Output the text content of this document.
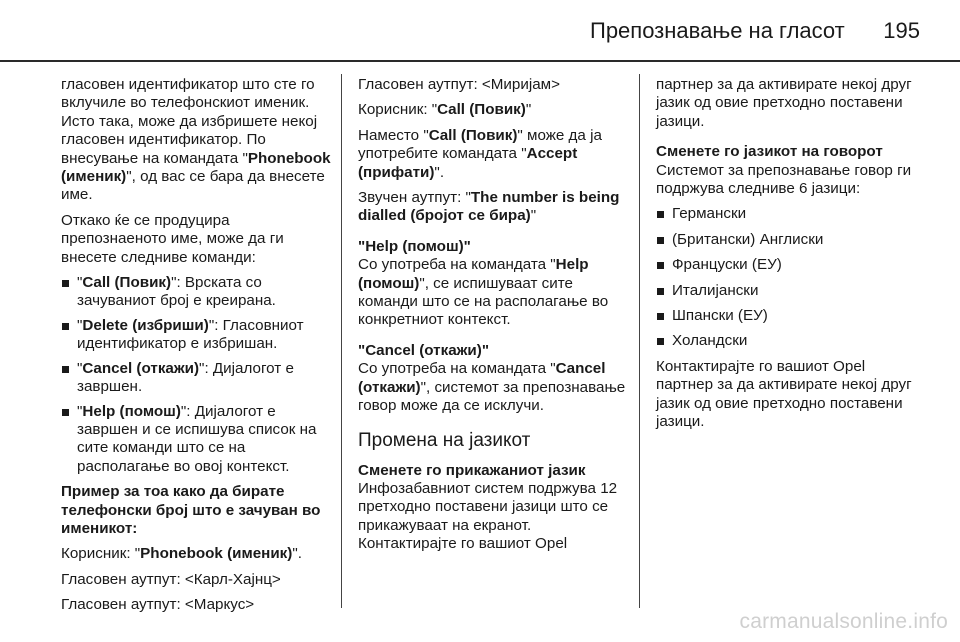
Препознавање на гласот 195

гласовен идентификатор што сте го вклучиле во телефонскиот именик. Исто така, може да избришете некој гласовен идентификатор. По внесување на командата "Phonebook (именик)", од вас се бара да внесете име.

Откако ќе се продуцира препознаеното име, може да ги внесете следниве команди:

"Call (Повик)": Врската со зачуваниот број е креирана.
"Delete (избриши)": Гласовниот идентификатор е избришан.
"Cancel (откажи)": Дијалогот е завршен.
"Help (помош)": Дијалогот е завршен и се испишува список на сите команди што се на располагање во овој контекст.

Пример за тоа како да бирате телефонски број што е зачуван во именикот:

Корисник: "Phonebook (именик)".

Гласовен аутпут: <Карл-Хајнц>

Гласовен аутпут: <Маркус>

Гласовен аутпут: <Миријам>

Корисник: "Call (Повик)"

Наместо "Call (Повик)" може да ја употребите командата "Accept (прифати)".

Звучен аутпут: "The number is being dialled (бројот се бира)"

"Help (помош)"
Со употреба на командата "Help (помош)", се испишуваат сите команди што се на располагање во конкретниот контекст.

"Cancel (откажи)"
Со употреба на командата "Cancel (откажи)", системот за препознавање говор може да се исклучи.

Промена на јазикот

Сменете го прикажаниот јазик
Инфозабавниот систем подржува 12 претходно поставени јазици што се прикажуваат на екранот. Контактирајте го вашиот Opel

партнер за да активирате некој друг јазик од овие претходно поставени јазици.

Сменете го јазикот на говорот
Системот за препознавање говор ги подржува следниве 6 јазици:

Германски
(Британски) Англиски
Француски (ЕУ)
Италијански
Шпански (ЕУ)
Холандски

Контактирајте го вашиот Opel партнер за да активирате некој друг јазик од овие претходно поставени јазици.

carmanualsonline.info
